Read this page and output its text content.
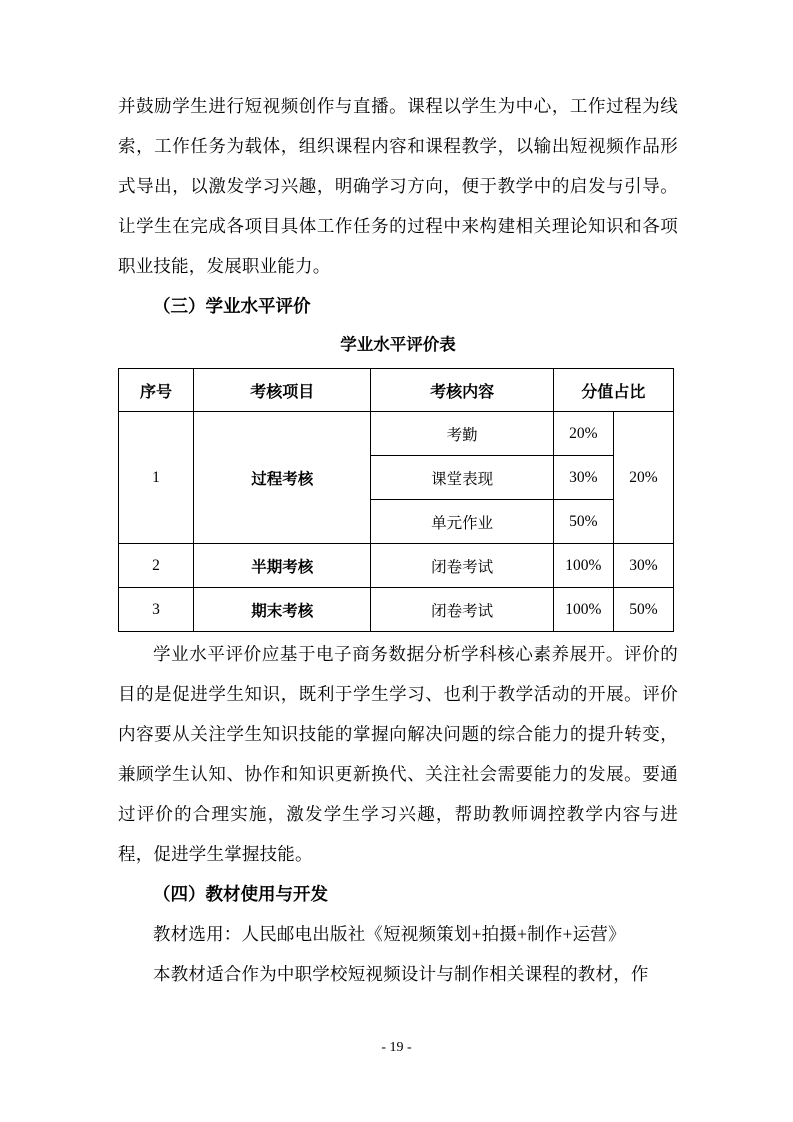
并鼓励学生进行短视频创作与直播。课程以学生为中心，工作过程为线索，工作任务为载体，组织课程内容和课程教学，以输出短视频作品形式导出，以激发学习兴趣，明确学习方向，便于教学中的启发与引导。让学生在完成各项目具体工作任务的过程中来构建相关理论知识和各项职业技能，发展职业能力。

（三）学业水平评价

学业水平评价表

序号	考核项目	考核内容	分值占比	
1	过程考核	考勤	20%	20%
		课堂表现	30%	
		单元作业	50%	
2	半期考核	闭卷考试	100%	30%
3	期末考核	闭卷考试	100%	50%

学业水平评价应基于电子商务数据分析学科核心素养展开。评价的目的是促进学生知识，既利于学生学习、也利于教学活动的开展。评价内容要从关注学生知识技能的掌握向解决问题的综合能力的提升转变，兼顾学生认知、协作和知识更新换代、关注社会需要能力的发展。要通过评价的合理实施，激发学生学习兴趣，帮助教师调控教学内容与进程，促进学生掌握技能。

（四）教材使用与开发

教材选用：人民邮电出版社《短视频策划+拍摄+制作+运营》

本教材适合作为中职学校短视频设计与制作相关课程的教材，作

- 19 -
